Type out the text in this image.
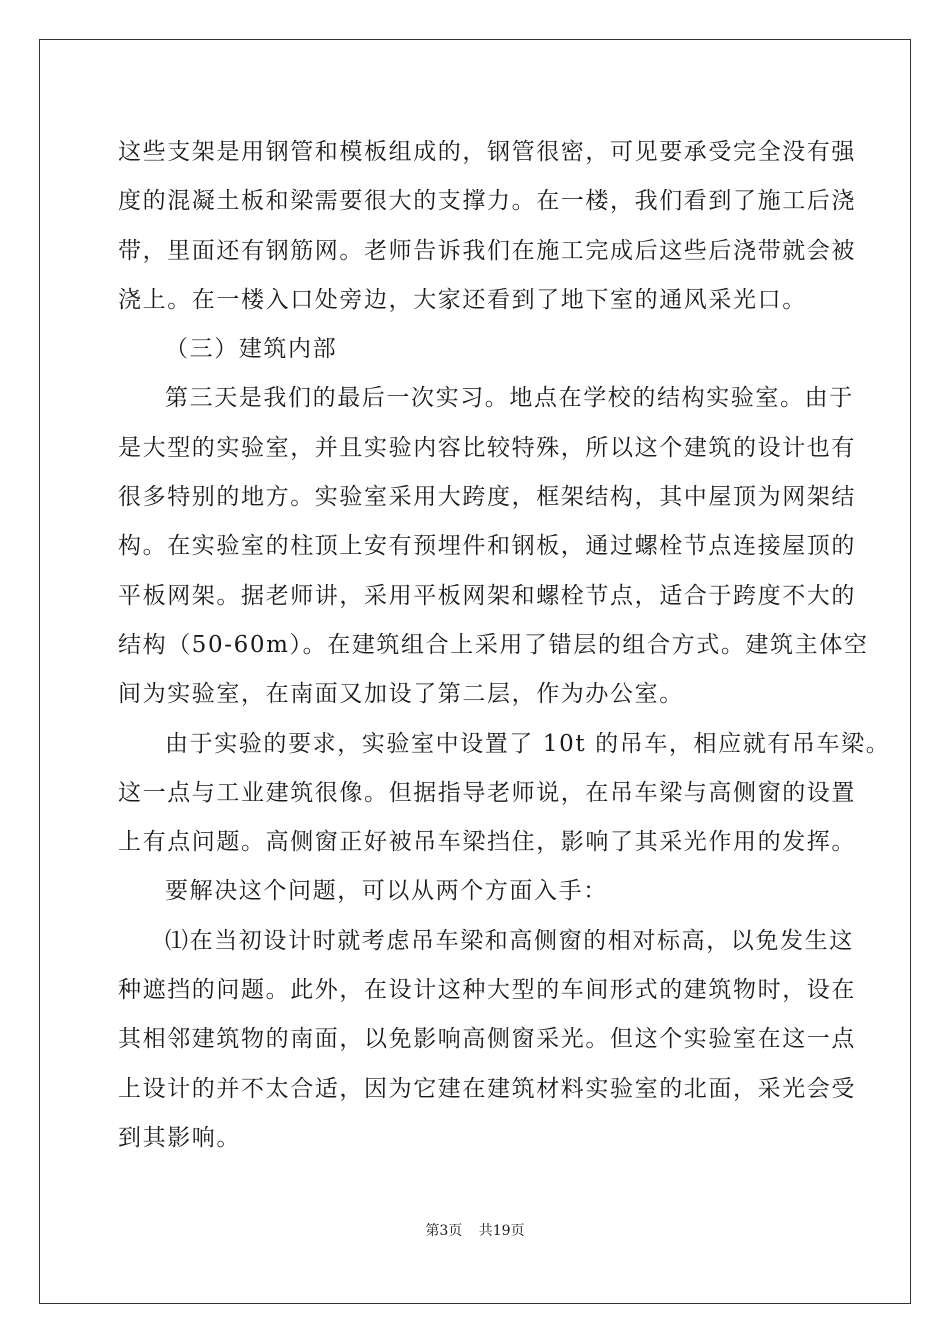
这些支架是用钢管和模板组成的，钢管很密，可见要承受完全没有强
度的混凝土板和梁需要很大的支撑力。在一楼，我们看到了施工后浇
带，里面还有钢筋网。老师告诉我们在施工完成后这些后浇带就会被
浇上。在一楼入口处旁边，大家还看到了地下室的通风采光口。
（三）建筑内部
第三天是我们的最后一次实习。地点在学校的结构实验室。由于
是大型的实验室，并且实验内容比较特殊，所以这个建筑的设计也有
很多特别的地方。实验室采用大跨度，框架结构，其中屋顶为网架结
构。在实验室的柱顶上安有预埋件和钢板，通过螺栓节点连接屋顶的
平板网架。据老师讲，采用平板网架和螺栓节点，适合于跨度不大的
结构（50-60m）。在建筑组合上采用了错层的组合方式。建筑主体空
间为实验室，在南面又加设了第二层，作为办公室。
由于实验的要求，实验室中设置了 10t 的吊车，相应就有吊车梁。
这一点与工业建筑很像。但据指导老师说，在吊车梁与高侧窗的设置
上有点问题。高侧窗正好被吊车梁挡住，影响了其采光作用的发挥。
要解决这个问题，可以从两个方面入手：
⑴在当初设计时就考虑吊车梁和高侧窗的相对标高，以免发生这
种遮挡的问题。此外，在设计这种大型的车间形式的建筑物时，设在
其相邻建筑物的南面，以免影响高侧窗采光。但这个实验室在这一点
上设计的并不太合适，因为它建在建筑材料实验室的北面，采光会受
到其影响。
第3页 共19页
